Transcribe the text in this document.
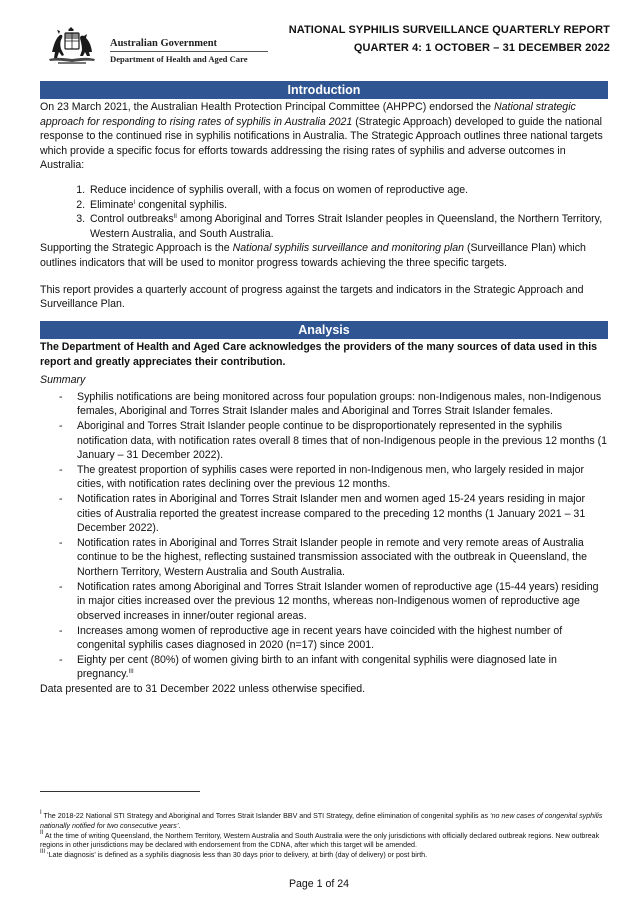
Australian Government
Department of Health and Aged Care
NATIONAL SYPHILIS SURVEILLANCE QUARTERLY REPORT
QUARTER 4: 1 OCTOBER – 31 DECEMBER 2022
Introduction

On 23 March 2021, the Australian Health Protection Principal Committee (AHPPC) endorsed the National strategic approach for responding to rising rates of syphilis in Australia 2021 (Strategic Approach) developed to guide the national response to the continued rise in syphilis notifications in Australia. The Strategic Approach outlines three national targets which provide a specific focus for efforts towards addressing the rising rates of syphilis and adverse outcomes in Australia:

1. Reduce incidence of syphilis overall, with a focus on women of reproductive age.
2. Eliminate$^I$ congenital syphilis.
3. Control outbreaks$^{II}$ among Aboriginal and Torres Strait Islander peoples in Queensland, the Northern Territory, Western Australia, and South Australia.

Supporting the Strategic Approach is the National syphilis surveillance and monitoring plan (Surveillance Plan) which outlines indicators that will be used to monitor progress towards achieving the three specific targets.

This report provides a quarterly account of progress against the targets and indicators in the Strategic Approach and Surveillance Plan.

Analysis

The Department of Health and Aged Care acknowledges the providers of the many sources of data used in this report and greatly appreciates their contribution.

Summary
- Syphilis notifications are being monitored across four population groups: non-Indigenous males, non-Indigenous females, Aboriginal and Torres Strait Islander males and Aboriginal and Torres Strait Islander females.
- Aboriginal and Torres Strait Islander people continue to be disproportionately represented in the syphilis notification data, with notification rates overall 8 times that of non-Indigenous people in the previous 12 months (1 January – 31 December 2022).
- The greatest proportion of syphilis cases were reported in non-Indigenous men, who largely resided in major cities, with notification rates declining over the previous 12 months.
- Notification rates in Aboriginal and Torres Strait Islander men and women aged 15-24 years residing in major cities of Australia reported the greatest increase compared to the preceding 12 months (1 January 2021 – 31 December 2022).
- Notification rates in Aboriginal and Torres Strait Islander people in remote and very remote areas of Australia continue to be the highest, reflecting sustained transmission associated with the outbreak in Queensland, the Northern Territory, Western Australia and South Australia.
- Notification rates among Aboriginal and Torres Strait Islander women of reproductive age (15-44 years) residing in major cities increased over the previous 12 months, whereas non-Indigenous women of reproductive age observed increases in inner/outer regional areas.
- Increases among women of reproductive age in recent years have coincided with the highest number of congenital syphilis cases diagnosed in 2020 (n=17) since 2001.
- Eighty per cent (80%) of women giving birth to an infant with congenital syphilis were diagnosed late in pregnancy.$^{III}$

Data presented are to 31 December 2022 unless otherwise specified.

$^I$ The 2018-22 National STI Strategy and Aboriginal and Torres Strait Islander BBV and STI Strategy, define elimination of congenital syphilis as ‘no new cases of congenital syphilis nationally notified for two consecutive years’.
$^{II}$ At the time of writing Queensland, the Northern Territory, Western Australia and South Australia were the only jurisdictions with officially declared outbreak regions. New outbreak regions in other jurisdictions may be declared with endorsement from the CDNA, after which this target will be amended.
$^{III}$ ‘Late diagnosis’ is defined as a syphilis diagnosis less than 30 days prior to delivery, at birth (day of delivery) or post birth.
Page 1 of 24
